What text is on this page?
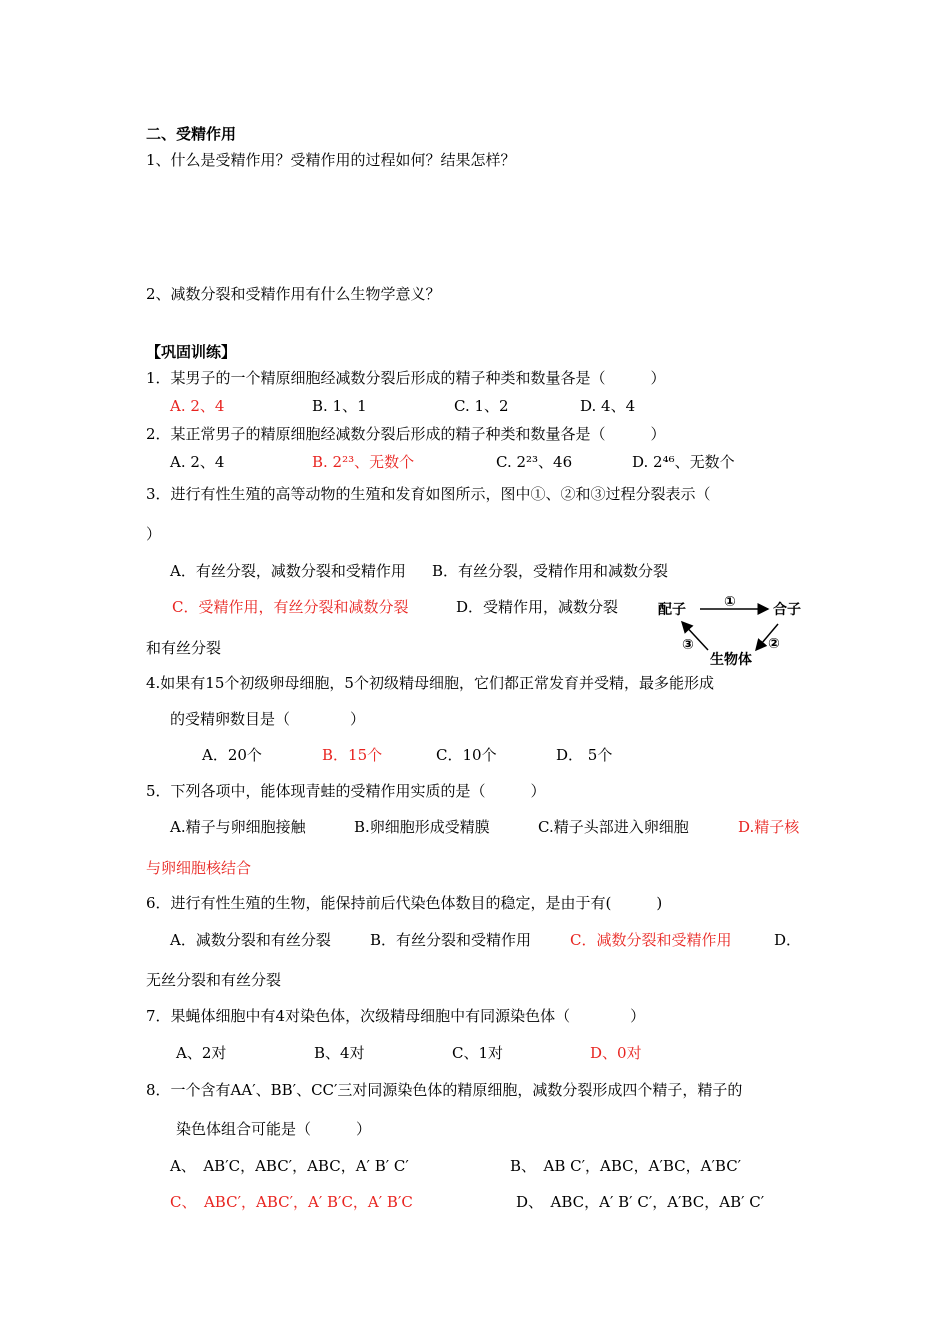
二、受精作用
1、什么是受精作用？受精作用的过程如何？结果怎样？
2、减数分裂和受精作用有什么生物学意义？
【巩固训练】
1．某男子的一个精原细胞经减数分裂后形成的精子种类和数量各是（　　　）
A. 2、4	B. 1、1	C. 1、2	D. 4、4
2．某正常男子的精原细胞经减数分裂后形成的精子种类和数量各是（　　　）
A. 2、4	B. 2²³、无数个	C. 2²³、46	D. 2⁴⁶、无数个
3．进行有性生殖的高等动物的生殖和发育如图所示，图中①、②和③过程分裂表示（
）
A．有丝分裂，减数分裂和受精作用 B．有丝分裂，受精作用和减数分裂
C．受精作用，有丝分裂和减数分裂	D．受精作用，减数分裂
和有丝分裂
配子	合子
生物体
①
②
③
4.如果有15个初级卵母细胞，5个初级精母细胞，它们都正常发育并受精，最多能形成
的受精卵数目是（　　　　）
A．20个	B．15个	C．10个	D． 5个
5．下列各项中，能体现青蛙的受精作用实质的是（　　　）
A.精子与卵细胞接触	B.卵细胞形成受精膜	C.精子头部进入卵细胞	D.精子核
与卵细胞核结合
6．进行有性生殖的生物，能保持前后代染色体数目的稳定，是由于有(　　　)
A．减数分裂和有丝分裂	B．有丝分裂和受精作用	C．减数分裂和受精作用	D．
无丝分裂和有丝分裂
7．果蝇体细胞中有4对染色体，次级精母细胞中有同源染色体（　　　　）
A、2对	B、4对	C、1对	D、0对
8．一个含有AA′、BB′、CC′三对同源染色体的精原细胞，减数分裂形成四个精子，精子的
染色体组合可能是（　　　）
A、　AB′C，ABC′，ABC，A′ B′ C′	B、　AB C′，ABC，A′BC，A′BC′
C、　ABC′，ABC′，A′ B′C，A′ B′C	D、　ABC，A′ B′ C′，A′BC，AB′ C′
